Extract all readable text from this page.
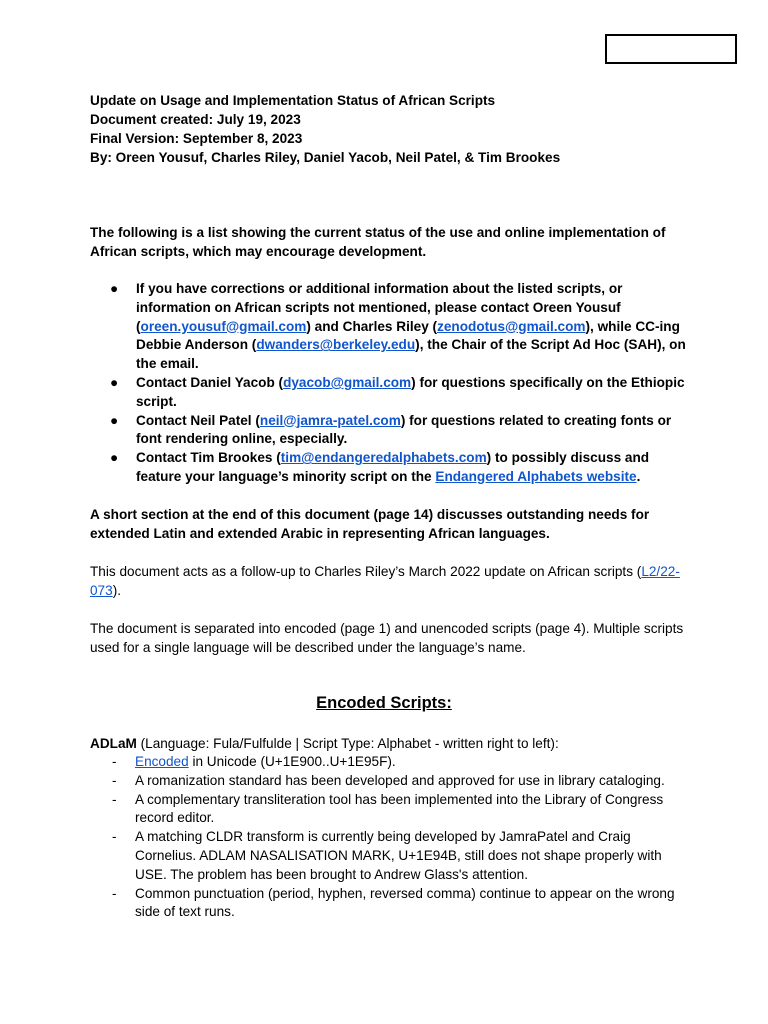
Update on Usage and Implementation Status of African Scripts
Document created: July 19, 2023
Final Version: September 8, 2023
By: Oreen Yousuf, Charles Riley, Daniel Yacob, Neil Patel, & Tim Brookes
The following is a list showing the current status of the use and online implementation of African scripts, which may encourage development.
● If you have corrections or additional information about the listed scripts, or information on African scripts not mentioned, please contact Oreen Yousuf (oreen.yousuf@gmail.com) and Charles Riley (zenodotus@gmail.com), while CC-ing Debbie Anderson (dwanders@berkeley.edu), the Chair of the Script Ad Hoc (SAH), on the email.
● Contact Daniel Yacob (dyacob@gmail.com) for questions specifically on the Ethiopic script.
● Contact Neil Patel (neil@jamra-patel.com) for questions related to creating fonts or font rendering online, especially.
● Contact Tim Brookes (tim@endangeredalphabets.com) to possibly discuss and feature your language’s minority script on the Endangered Alphabets website.
A short section at the end of this document (page 14) discusses outstanding needs for extended Latin and extended Arabic in representing African languages.
This document acts as a follow-up to Charles Riley’s March 2022 update on African scripts (L2/22-073).
The document is separated into encoded (page 1) and unencoded scripts (page 4). Multiple scripts used for a single language will be described under the language’s name.
Encoded Scripts:
ADLaM (Language: Fula/Fulfulde | Script Type: Alphabet - written right to left):
- Encoded in Unicode (U+1E900..U+1E95F).
- A romanization standard has been developed and approved for use in library cataloging.
- A complementary transliteration tool has been implemented into the Library of Congress record editor.
- A matching CLDR transform is currently being developed by JamraPatel and Craig Cornelius. ADLAM NASALISATION MARK, U+1E94B, still does not shape properly with USE. The problem has been brought to Andrew Glass's attention.
- Common punctuation (period, hyphen, reversed comma) continue to appear on the wrong side of text runs.
